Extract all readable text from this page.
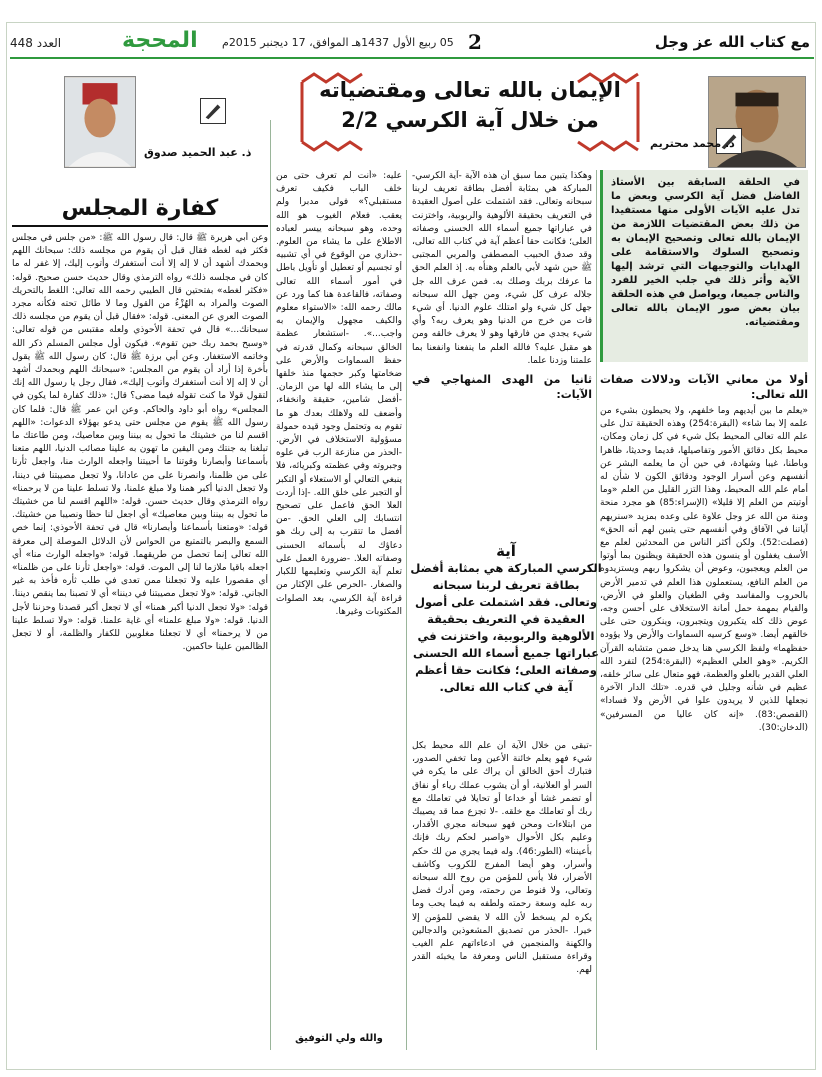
مع كتاب الله عز وجل
2
05 ربيع الأول 1437هـ الموافق، 17 ديجنبر 2015م
المحجة
العدد 448
الإيمان بالله تعالى ومقتضياته
من خلال آية الكرسي 2/2
د. محمد محتريم
ذ. عبد الحميد صدوق

في الحلقة السابقة بين الأستاذ الفاضل فضل آية الكرسي وبعض ما تدل عليه الآيات الأولى منها مستفيدا من ذلك بعض المقتضيات اللازمة من الإيمان بالله تعالى وتصحيح الإيمان به وتصحيح السلوك والاستقامة على الهدايات والتوجيهات التي ترشد إليها الآية وأثر ذلك في جلب الخير للفرد والناس جميعا، ويواصل في هذه الحلقة بيان بعض صور الإيمان بالله تعالى ومقتضياته.

أولا من معاني الآيات ودلالات صفات الله تعالى:

«يعلم ما بين أيديهم وما خلفهم، ولا يحيطون بشيء من علمه إلا بما شاء» (البقرة:254) وهذه الحقيقة تدل على علم الله تعالى المحيط بكل شيء في كل زمان ومكان، محيط بكل دقائق الأمور وتفاصيلها، قديما وحديثا، ظاهرا وباطنا، غيبا وشهادة، في حين أن ما يعلمه البشر عن أنفسهم وعن أسرار الوجود ودقائق الكون لا شأن له أمام علم الله المحيط، وهذا التزر القليل من العلم «وما أوتيتم من العلم إلا قليلا» (الإسراء:85) هو مجرد منحة ومنة من الله عز وجل علاوة على وعده بمزيد «سنريهم آياتنا في الآفاق وفي أنفسهم حتى يتبين لهم أنه الحق» (فصلت:52). ولكن أكثر الناس من المحدثين لعلم مع الأسف يغفلون أو ينسون هذه الحقيقة ويظنون بما أوتوا من العلم ويعجبون، وعوض أن يشكروا ربهم ويستزيدوه من العلم النافع، يستعملون هذا العلم في تدمير الأرض بالحروب والمفاسد وفي الطغيان والعلو في الأرض، والقيام بمهمة حمل أمانة الاستخلاف على أحسن وجه، عوض ذلك كله يتكبرون ويتجبرون، وينكرون حتى على خالقهم أيضا. «وسع كرسيه السماوات والأرض ولا يؤوده حفظهما» ولفظ الكرسي هنا يدخل ضمن متشابه القرآن الكريم. «وهو العلي العظيم» (البقرة:254) لتفرد الله العلي القدير بالعلو والعظمة، فهو متعال على سائر خلقه، عظيم في شأنه وجليل في قدره. «تلك الدار الآخرة نجعلها للذين لا يريدون علوا في الأرض ولا فسادا» (القصص:83). «إنه كان عاليا من المسرفين» (الدخان:30).

وهكذا يتبين مما سبق أن هذه الآية -آية الكرسي- المباركة هي بمثابة أفضل بطاقة تعريف لربنا سبحانه وتعالى. فقد اشتملت على أصول العقيدة في التعريف بحقيقة الألوهية والربوبية، واختزنت في عباراتها جميع أسماء الله الحسنى وصفاته العلى؛ فكانت حقا أعظم آية في كتاب الله تعالى، وقد صدق الحبيب المصطفى والمربي المجتبى ﷺ حين شهد لأبي بالعلم وهنأه به. إذ العلم الحق ما عرفك بربك وصلك به. فمن عرف الله جل جلاله عرف كل شيء، ومن جهل الله سبحانه جهل كل شيء ولو امتلك علوم الدنيا. أي شيء فات من خرج من الدنيا وهو يعرف ربه؟ وأي شيء يجدي من فارقها وهو لا يعرف خالقه ومن هو مقبل عليه؟ فالله العلم ما ينفعنا وانفعنا بما علمتنا وزدنا علما.

ثانيا من الهدى المنهاجي في الآيات:
آية
الكرسي المباركة هي بمثابة أفضل بطاقة تعريف لربنا سبحانه وتعالى. فقد اشتملت على أصول العقيدة في التعريف بحقيقة الألوهية والربوبية، واختزنت في عباراتها جميع أسماء الله الحسنى وصفاته العلى؛ فكانت حقا أعظم آية في كتاب الله تعالى.

-تبقى من خلال الآية أن علم الله محيط بكل شيء فهو يعلم خائنة الأعين وما تخفي الصدور، فتبارك أحق الخالق أن يراك على ما يكره في السر أو العلانية، أو أن يشوب عملك رياء أو نفاق أو تضمر غشا أو خداعا أو تحايلا في تعاملك مع ربك أو تعاملك مع خلقه. -لا تجزع مما قد يصيبك من ابتلاءات ومحن فهو سبحانه مجري الأقدار، وعليم بكل الأحوال «واصبر لحكم ربك فإنك بأعيننا» (الطور:46). وله فيما يجري من لك حكم وأسرار، وهو أيضا المفرج للكروب وكاشف الأضرار، فلا يأس للمؤمن من روح الله سبحانه وتعالى، ولا قنوط من رحمته، ومن أدرك فضل ربه عليه وسعة رحمته ولطفه به فيما يحب وما يكره لم يسخط لأن الله لا يقضي للمؤمن إلا خيرا. -الحذر من تصديق المشعوذين والدجالين والكهنة والمنجمين في ادعاءاتهم علم الغيب وقراءة مستقبل الناس ومعرفة ما يخبئه القدر لهم.

عليه: «أنت لم تعرف حتى من خلف الباب فكيف تعرف مستقبلي؟» فولى مدبرا ولم يعقب. فعلام الغيوب هو الله وحده، وهو سبحانه ييسر لعباده الاطلاع على ما يشاء من العلوم. -حذاري من الوقوع في أي تشبيه أو تجسيم أو تعطيل أو تأويل باطل في أمور أسماء الله تعالى وصفاته، فالقاعدة هنا كما ورد عن مالك رحمه الله: «الاستواء معلوم والكيف مجهول والإيمان به واجب...». -استشعار عظمة الخالق سبحانه وكمال قدرته في حفظ السماوات والأرض على ضخامتها وكبر حجمها منذ خلقها إلى ما يشاء الله لها من الزمان. -أفضل شامين، حقيقة وانخفاء، وأضعف لله ولاهلك بعدك هو ما تقوم به وتحتمل وجود قيده حمولة مسؤولية الاستخلاف في الأرض. -الحذر من منازعة الرب في علوه وجبروته وفي عظمته وكبريائه، فلا ينبغي التعالي أو الاستعلاء أو التكبر أو التجبر على خلق الله. -إذا أردت العلا الحق فاعمل على تصحيح انتسابك إلى العلي الحق. -من أفضل ما تتقرب به إلى ربك هو دعاؤك له بأسمائه الحسنى وصفاته العلا. -ضرورة العمل على تعلم آية الكرسي وتعليمها للكبار والصغار. -الحرص على الإكثار من قراءة آية الكرسي، بعد الصلوات المكتوبات وغيرها.

والله ولي التوفيق
كفارة المجلس

وعن أبي هريرة ﷺ قال: قال رسول الله ﷺ: «من جلس في مجلس فكثر فيه لغطه فقال قبل أن يقوم من مجلسه ذلك: سبحانك اللهم وبحمدك أشهد أن لا إله إلا أنت أستغفرك وأتوب إليك، إلا غفر له ما كان في مجلسه ذلك» رواه الترمذي وقال حديث حسن صحيح. قوله: «فكثر لغطه» بفتحتين قال الطيبي رحمه الله تعالى: اللغط بالتحريك الصوت والمراد به الهُزْءُ من القول وما لا طائل تحته فكأنه مجرد الصوت العري عن المعنى. قوله: «فقال قبل أن يقوم من مجلسه ذلك سبحانك...» قال في تحفة الأحوذي ولعله مقتبس من قوله تعالى: «وسبح بحمد ربك حين تقوم». فيكون أول مجلس المسلم ذكر الله وخاتمه الاستغفار. وعن أبي برزة ﷺ قال: كان رسول الله ﷺ يقول بأخرة إذا أراد أن يقوم من المجلس: «سبحانك اللهم وبحمدك أشهد أن لا إله إلا أنت أستغفرك وأتوب إليك»، فقال رجل يا رسول الله إنك لتقول قولا ما كنت تقوله فيما مضى؟ قال: «ذلك كفارة لما يكون في المجلس» رواه أبو داود والحاكم. وعن ابن عمر ﷺ قال: قلما كان رسول الله ﷺ يقوم من مجلس حتى يدعو بهؤلاء الدعوات: «اللهم اقسم لنا من خشيتك ما تحول به بيننا وبين معاصيك، ومن طاعتك ما تبلغنا به جنتك ومن اليقين ما تهون به علينا مصائب الدنيا، اللهم متعنا بأسماعنا وأبصارنا وقوتنا ما أحييتنا واجعله الوارث منا، واجعل ثأرنا على من ظلمنا، وانصرنا على من عادانا، ولا تجعل مصيبتنا في ديننا، ولا تجعل الدنيا أكبر همنا ولا مبلغ علمنا، ولا تسلط علينا من لا يرحمنا» رواه الترمذي وقال حديث حسن. قوله: «اللهم اقسم لنا من خشيتك ما تحول به بيننا وبين معاصيك» أي اجعل لنا حظا ونصيبا من خشيتك. قوله: «ومتعنا بأسماعنا وأبصارنا» قال في تحفة الأحوذي: إنما خص السمع والبصر بالتمتيع من الحواس لأن الدلائل الموصلة إلى معرفة الله تعالى إنما تحصل من طريقهما. قوله: «واجعله الوارث منا» أي اجعله باقيا ملازما لنا إلى الموت. قوله: «واجعل ثأرنا على من ظلمنا» أي مقصورا عليه ولا تجعلنا ممن تعدى في طلب ثأره فأخذ به غير الجاني. قوله: «ولا تجعل مصيبتنا في ديننا» أي لا تصبنا بما ينقص ديننا. قوله: «ولا تجعل الدنيا أكبر همنا» أي لا تجعل أكبر قصدنا وحزننا لأجل الدنيا. قوله: «ولا مبلغ علمنا» أي غاية علمنا. قوله: «ولا تسلط علينا من لا يرحمنا» أي لا تجعلنا مغلوبين للكفار والظلمة، أو لا تجعل الظالمين علينا حاكمين.
